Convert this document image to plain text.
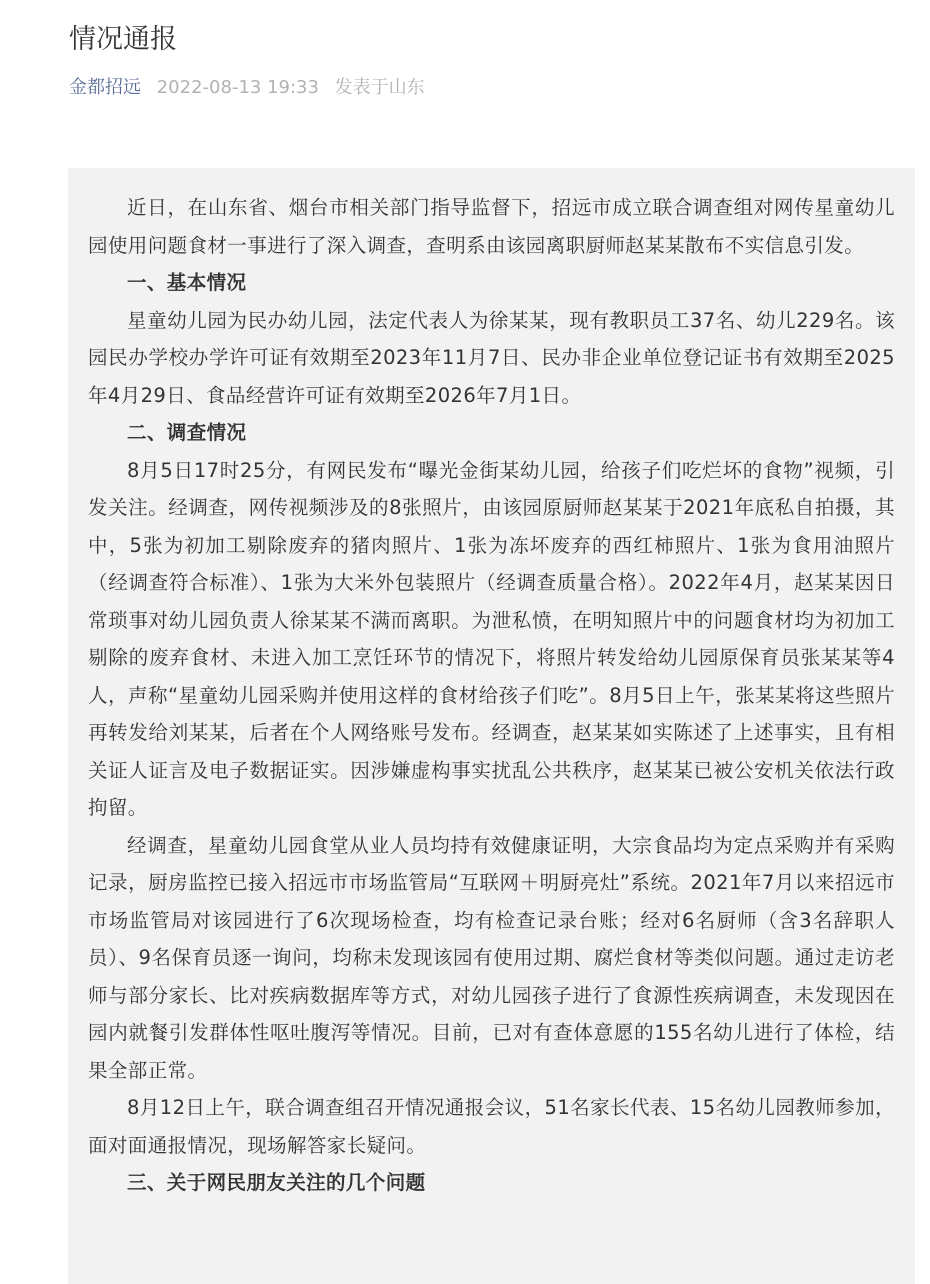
情况通报
金都招远 2022-08-13 19:33 发表于山东

近日，在山东省、烟台市相关部门指导监督下，招远市成立联合调查组对网传星童幼儿园使用问题食材一事进行了深入调查，查明系由该园离职厨师赵某某散布不实信息引发。

一、基本情况

星童幼儿园为民办幼儿园，法定代表人为徐某某，现有教职员工37名、幼儿229名。该园民办学校办学许可证有效期至2023年11月7日、民办非企业单位登记证书有效期至2025年4月29日、食品经营许可证有效期至2026年7月1日。

二、调查情况

8月5日17时25分，有网民发布“曝光金街某幼儿园，给孩子们吃烂坏的食物”视频，引发关注。经调查，网传视频涉及的8张照片，由该园原厨师赵某某于2021年底私自拍摄，其中，5张为初加工剔除废弃的猪肉照片、1张为冻坏废弃的西红柿照片、1张为食用油照片（经调查符合标准）、1张为大米外包装照片（经调查质量合格）。2022年4月，赵某某因日常琐事对幼儿园负责人徐某某不满而离职。为泄私愤，在明知照片中的问题食材均为初加工剔除的废弃食材、未进入加工烹饪环节的情况下，将照片转发给幼儿园原保育员张某某等4人，声称“星童幼儿园采购并使用这样的食材给孩子们吃”。8月5日上午，张某某将这些照片再转发给刘某某，后者在个人网络账号发布。经调查，赵某某如实陈述了上述事实，且有相关证人证言及电子数据证实。因涉嫌虚构事实扰乱公共秩序，赵某某已被公安机关依法行政拘留。

经调查，星童幼儿园食堂从业人员均持有效健康证明，大宗食品均为定点采购并有采购记录，厨房监控已接入招远市市场监管局“互联网＋明厨亮灶”系统。2021年7月以来招远市市场监管局对该园进行了6次现场检查，均有检查记录台账；经对6名厨师（含3名辞职人员）、9名保育员逐一询问，均称未发现该园有使用过期、腐烂食材等类似问题。通过走访老师与部分家长、比对疾病数据库等方式，对幼儿园孩子进行了食源性疾病调查，未发现因在园内就餐引发群体性呕吐腹泻等情况。目前，已对有查体意愿的155名幼儿进行了体检，结果全部正常。

8月12日上午，联合调查组召开情况通报会议，51名家长代表、15名幼儿园教师参加，面对面通报情况，现场解答家长疑问。

三、关于网民朋友关注的几个问题
